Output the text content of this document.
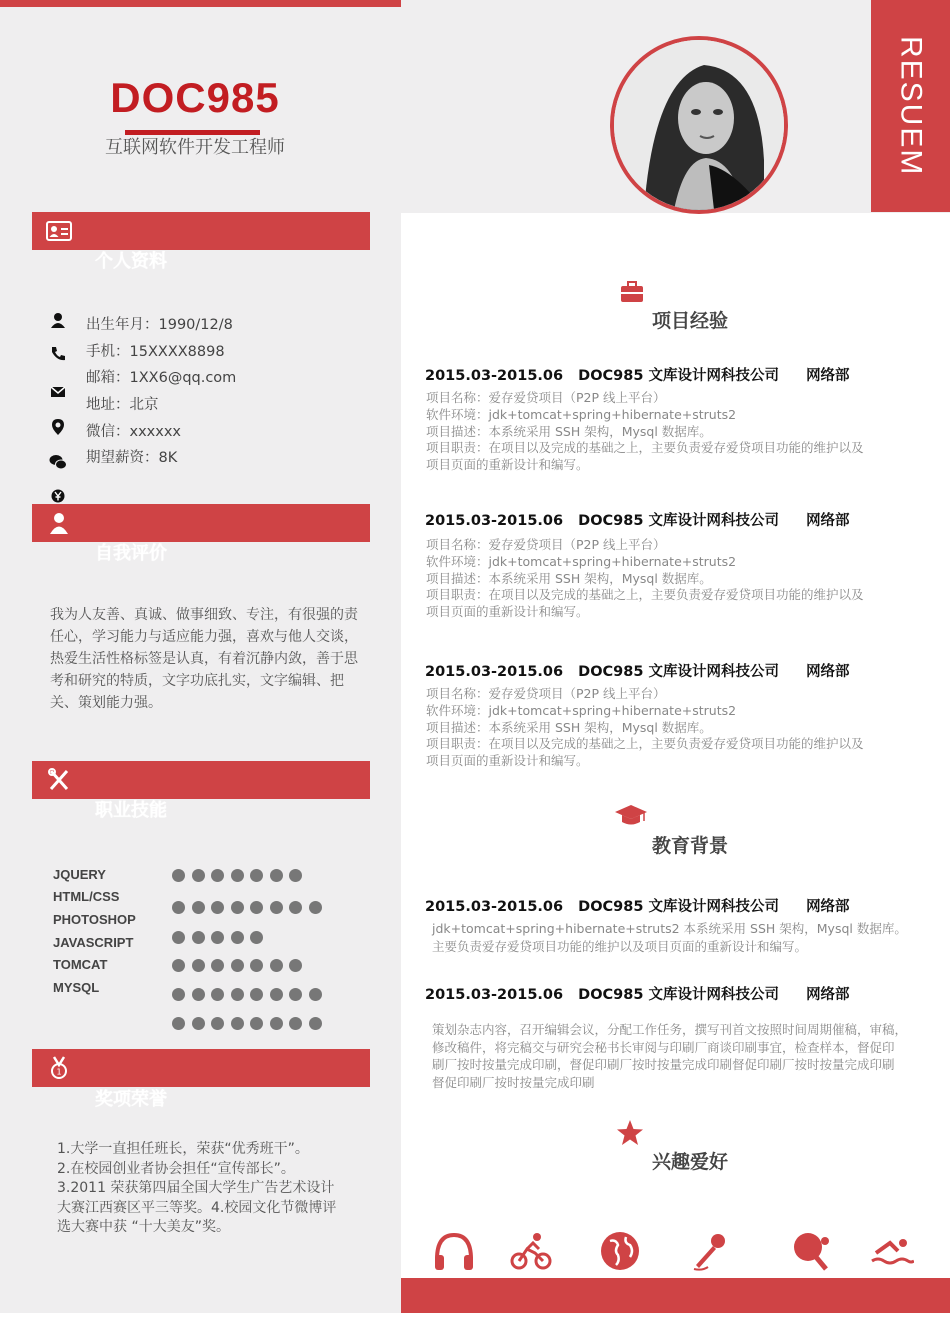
RESUEM
DOC985
互联网软件开发工程师
个人资料
出生年月：1990/12/8
手机：15XXXX8898
邮箱：1XX6@qq.com
地址：北京
微信：xxxxxx
期望薪资：8K
自我评价
我为人友善、真诚、做事细致、专注，有很强的责任心，学习能力与适应能力强，喜欢与他人交谈，热爱生活性格标签是认真，有着沉静内敛，善于思考和研究的特质，文字功底扎实，文字编辑、把关、策划能力强。
职业技能
JQUERY
HTML/CSS
PHOTOSHOP
JAVASCRIPT
TOMCAT
MYSQL
1
奖项荣誉
1.大学一直担任班长，荣获“优秀班干”。
2.在校园创业者协会担任“宣传部长”。
3.2011 荣获第四届全国大学生广告艺术设计
大赛江西赛区平三等奖。4.校园文化节微博评
选大赛中获 “十大美友”奖。
项目经验
2015.03-2015.06 DOC985 文库设计网科技公司 网络部
项目名称：爱存爱贷项目（P2P 线上平台）
软件环境：jdk+tomcat+spring+hibernate+struts2
项目描述：本系统采用 SSH 架构，Mysql 数据库。
项目职责：在项目以及完成的基础之上，主要负责爱存爱贷项目功能的维护以及
项目页面的重新设计和编写。
2015.03-2015.06 DOC985 文库设计网科技公司 网络部
项目名称：爱存爱贷项目（P2P 线上平台）
软件环境：jdk+tomcat+spring+hibernate+struts2
项目描述：本系统采用 SSH 架构，Mysql 数据库。
项目职责：在项目以及完成的基础之上，主要负责爱存爱贷项目功能的维护以及
项目页面的重新设计和编写。
2015.03-2015.06 DOC985 文库设计网科技公司 网络部
项目名称：爱存爱贷项目（P2P 线上平台）
软件环境：jdk+tomcat+spring+hibernate+struts2
项目描述：本系统采用 SSH 架构，Mysql 数据库。
项目职责：在项目以及完成的基础之上，主要负责爱存爱贷项目功能的维护以及
项目页面的重新设计和编写。
教育背景
2015.03-2015.06 DOC985 文库设计网科技公司 网络部
jdk+tomcat+spring+hibernate+struts2 本系统采用 SSH 架构，Mysql 数据库。
主要负责爱存爱贷项目功能的维护以及项目页面的重新设计和编写。
2015.03-2015.06 DOC985 文库设计网科技公司 网络部
策划杂志内容，召开编辑会议，分配工作任务，撰写刊首文按照时间周期催稿，审稿，
修改稿件，将完稿交与研究会秘书长审阅与印刷厂商谈印刷事宜，检查样本，督促印
刷厂按时按量完成印刷，督促印刷厂按时按量完成印刷督促印刷厂按时按量完成印刷
督促印刷厂按时按量完成印刷
兴趣爱好
